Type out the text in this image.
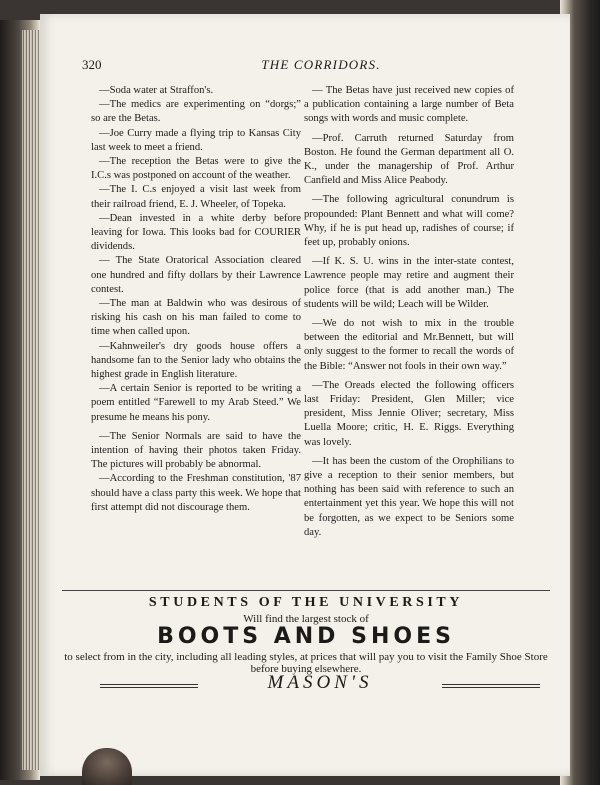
320	THE CORRIDORS.

—Soda water at Straffon's.

—The medics are experimenting on “dorgs;” so are the Betas.

—Joe Curry made a flying trip to Kansas City last week to meet a friend.

—The reception the Betas were to give the I.C.s was postponed on account of the weather.

—The I. C.s enjoyed a visit last week from their railroad friend, E. J. Wheeler, of Topeka.

—Dean invested in a white derby before leaving for Iowa. This looks bad for COURIER dividends.

— The State Oratorical Association cleared one hundred and fifty dollars by their Lawrence contest.

—The man at Baldwin who was desirous of risking his cash on his man failed to come to time when called upon.

—Kahnweiler's dry goods house offers a handsome fan to the Senior lady who obtains the highest grade in English literature.

—A certain Senior is reported to be writing a poem entitled “Farewell to my Arab Steed.” We presume he means his pony.

—The Senior Normals are said to have the intention of having their photos taken Friday. The pictures will probably be abnormal.

—According to the Freshman constitution, '87 should have a class party this week. We hope that first attempt did not discourage them.

— The Betas have just received new copies of a publication containing a large number of Beta songs with words and music complete.

—Prof. Carruth returned Saturday from Boston. He found the German department all O. K., under the managership of Prof. Arthur Canfield and Miss Alice Peabody.

—The following agricultural conundrum is propounded: Plant Bennett and what will come? Why, if he is put head up, radishes of course; if feet up, probably onions.

—If K. S. U. wins in the inter-state contest, Lawrence people may retire and augment their police force (that is add another man.) The students will be wild; Leach will be Wilder.

—We do not wish to mix in the trouble between the editorial and Mr.Bennett, but will only suggest to the former to recall the words of the Bible: “Answer not fools in their own way.”

—The Oreads elected the following officers last Friday: President, Glen Miller; vice president, Miss Jennie Oliver; secretary, Miss Luella Moore; critic, H. E. Riggs. Everything was lovely.

—It has been the custom of the Orophilians to give a reception to their senior members, but nothing has been said with reference to such an entertainment yet this year. We hope this will not be forgotten, as we expect to be Seniors some day.

STUDENTS OF THE UNIVERSITY
Will find the largest stock of
BOOTS AND SHOES
to select from in the city, including all leading styles, at prices that will pay you to visit the Family Shoe Store before buying elsewhere.
MASON'S
